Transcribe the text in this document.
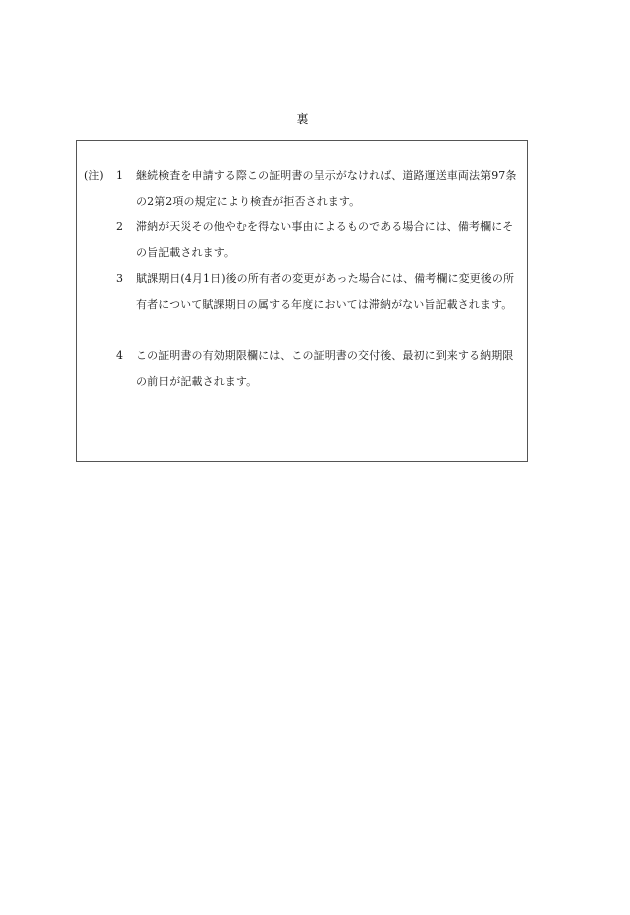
裏
(注) 1	継続検査を申請する際この証明書の呈示がなければ、道路運送車両法第97条の2第2項の規定により検査が拒否されます。

2	滞納が天災その他やむを得ない事由によるものである場合には、備考欄にその旨記載されます。

3	賦課期日(4月1日)後の所有者の変更があった場合には、備考欄に変更後の所有者について賦課期日の属する年度においては滞納がない旨記載されます。

4	この証明書の有効期限欄には、この証明書の交付後、最初に到来する納期限の前日が記載されます。
